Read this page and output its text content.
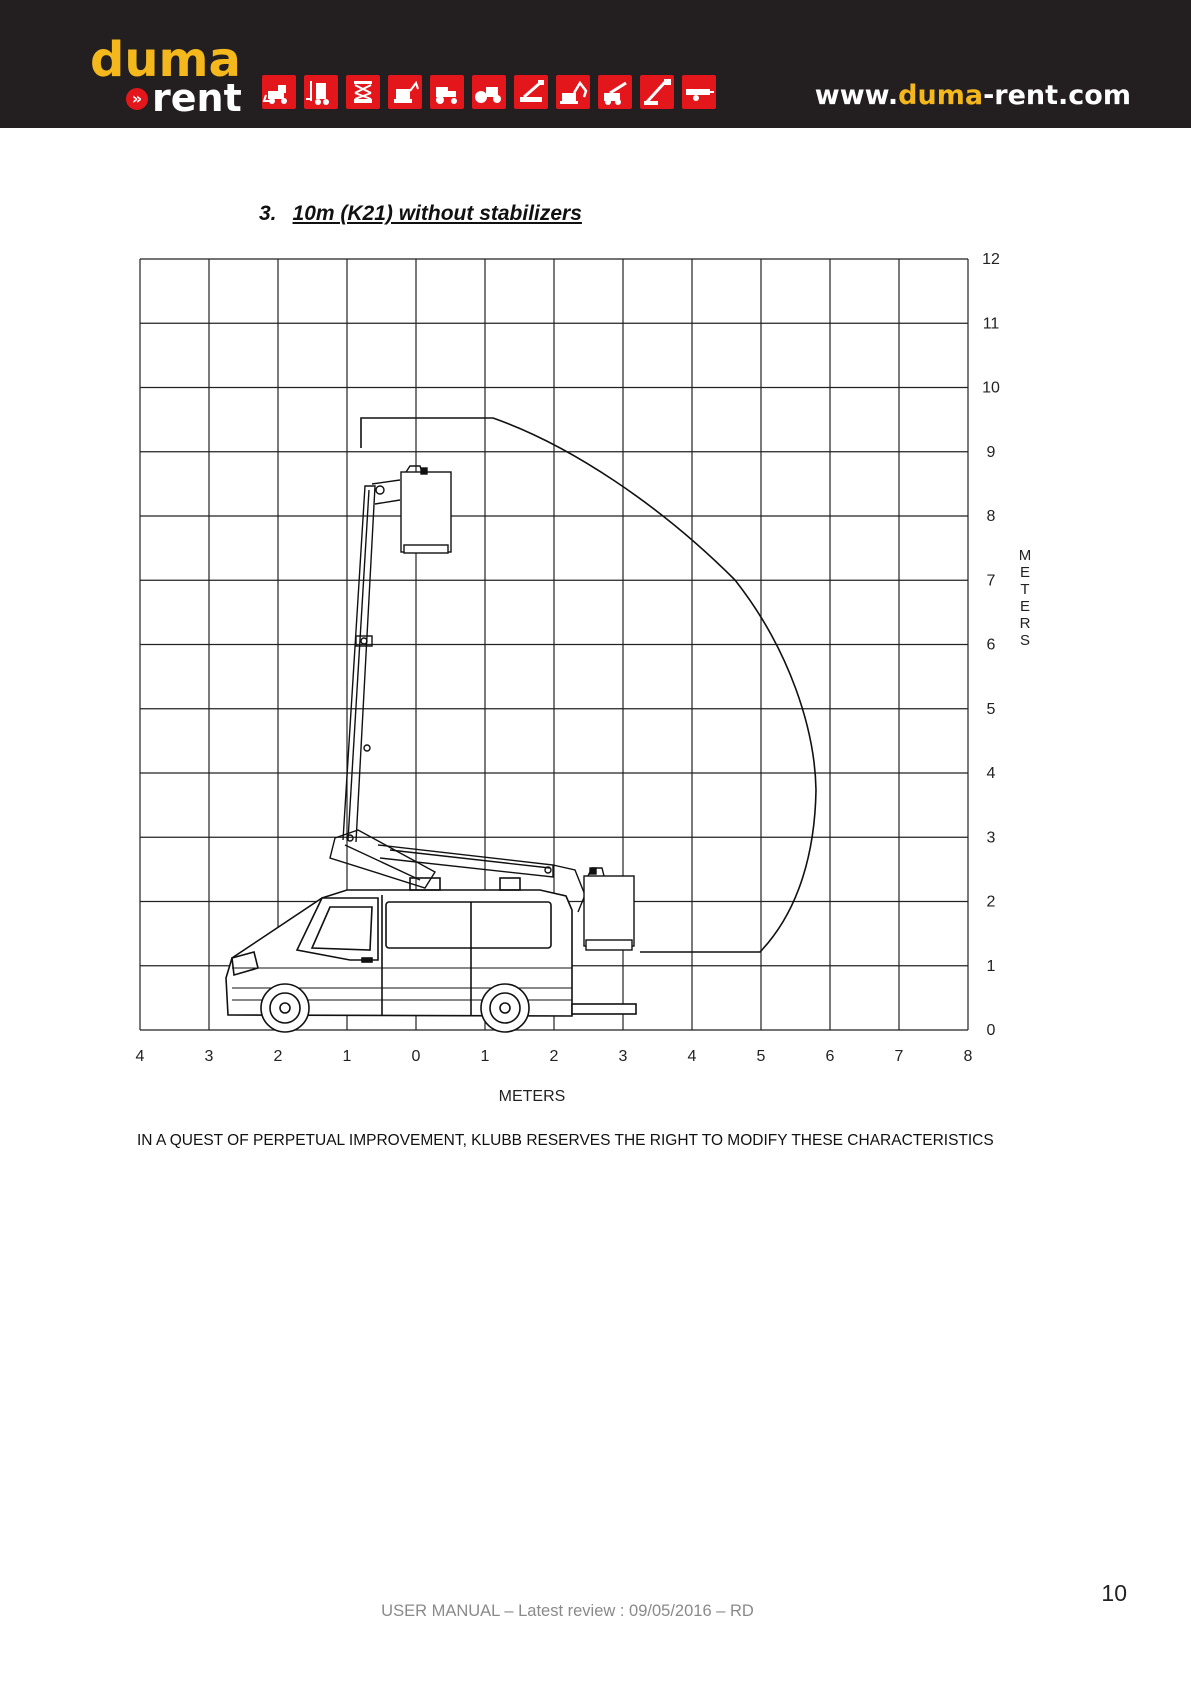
duma
» rent	www.duma-rent.com
3. 10m (K21) without stabilizers
4	3	2	1	0	1	2	3	4	5	6	7	8
0
1
2
3
4
5
6
7
8
9
10
11
12
METERS
M
E
T
E
R
S
IN A QUEST OF PERPETUAL IMPROVEMENT, KLUBB RESERVES THE RIGHT TO MODIFY THESE CHARACTERISTICS
USER MANUAL – Latest review : 09/05/2016 – RD
10
